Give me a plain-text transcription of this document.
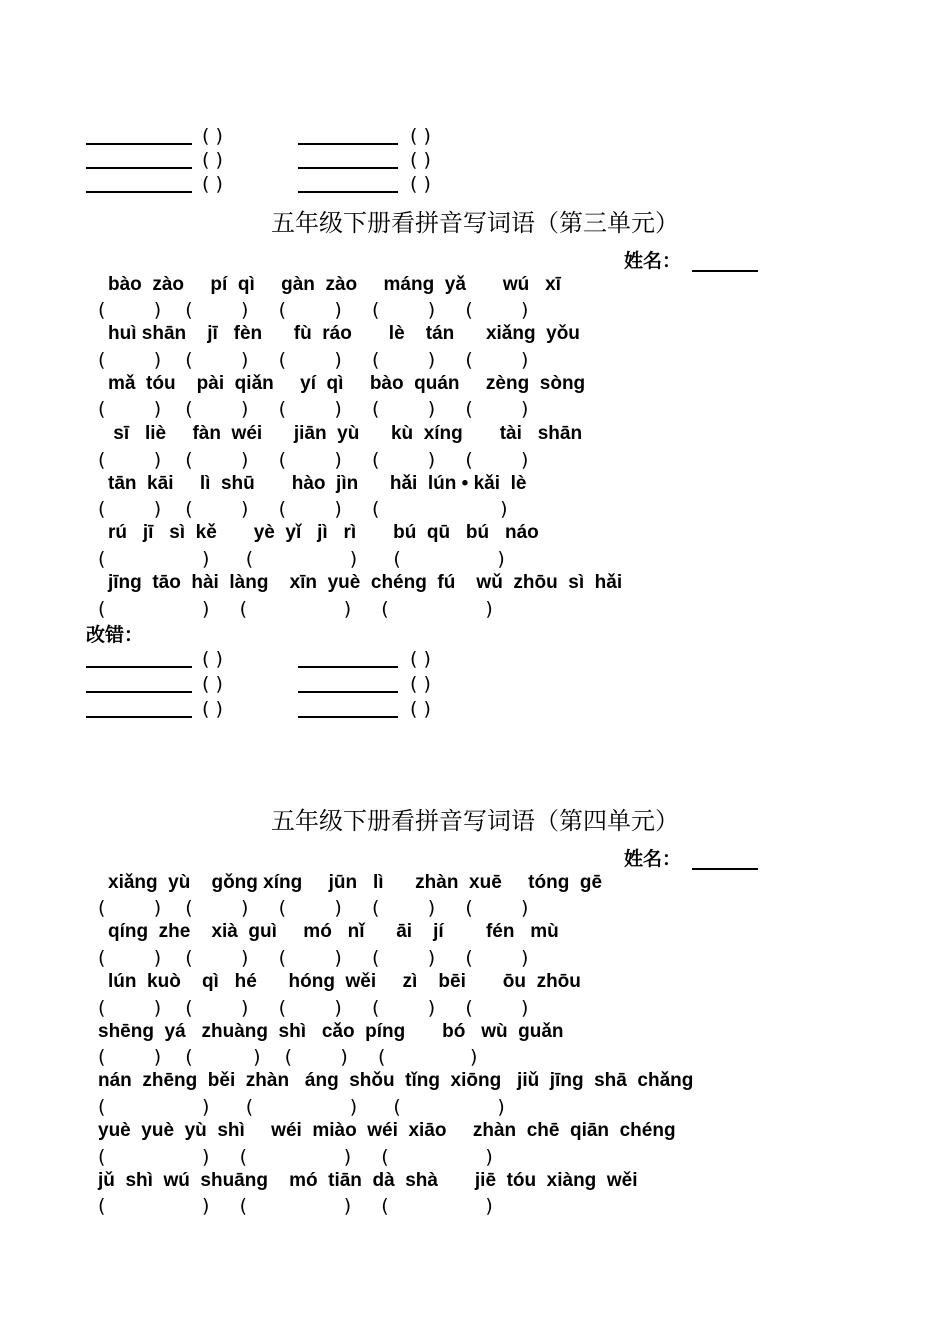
( )	( )
( )	( )
( )	( )
五年级下册看拼音写词语（第三单元）
姓名：
bào  zào     pí  qì     gàn  zào     máng  yǎ       wú   xī
(        )    (        )     (        )     (        )     (        )
huì shān    jī   fèn      fù  ráo       lè    tán      xiǎng  yǒu
(        )    (        )     (        )     (        )     (        )
mǎ  tóu    pài  qiǎn     yí  qì     bào  quán     zèng  sòng
(        )    (        )     (        )     (        )     (        )
sī   liè     fàn  wéi      jiān  yù      kù  xíng       tài   shān
(        )    (        )     (        )     (        )     (        )
tān  kāi     lì  shū       hào  jìn      hǎi  lún • kǎi  lè
(        )    (        )     (        )     (                    )
rú   jī   sì  kě       yè  yǐ   jì   rì       bú  qū   bú   náo
(                )      (                )      (                )
jīng  tāo  hài  làng    xīn  yuè  chéng  fú    wǔ  zhōu  sì  hǎi
(                )     (                )     (                )
改错：
( )	( )
( )	( )
( )	( )
五年级下册看拼音写词语（第四单元）
姓名：
xiǎng  yù    gǒng xíng     jūn   lì      zhàn  xuē     tóng  gē
(        )    (        )     (        )     (        )     (        )
qíng  zhe    xià  guì     mó   nǐ      āi    jí        fén   mù
(        )    (        )     (        )     (        )     (        )
lún  kuò    qì   hé      hóng  wěi     zì    bēi       ōu  zhōu
(        )    (        )     (        )     (        )     (        )
shēng  yá   zhuàng  shì   cǎo  píng       bó   wù  guǎn
(        )    (          )    (        )     (              )
nán  zhēng  běi  zhàn   áng  shǒu  tǐng  xiōng   jiǔ  jīng  shā  chǎng
(                )      (                )      (                )
yuè  yuè  yù  shì     wéi  miào  wéi  xiāo     zhàn  chē  qiān  chéng
(                )     (                )     (                )
jǔ  shì  wú  shuāng    mó  tiān  dà  shà       jiē  tóu  xiàng  wěi
(                )     (                )     (                )
